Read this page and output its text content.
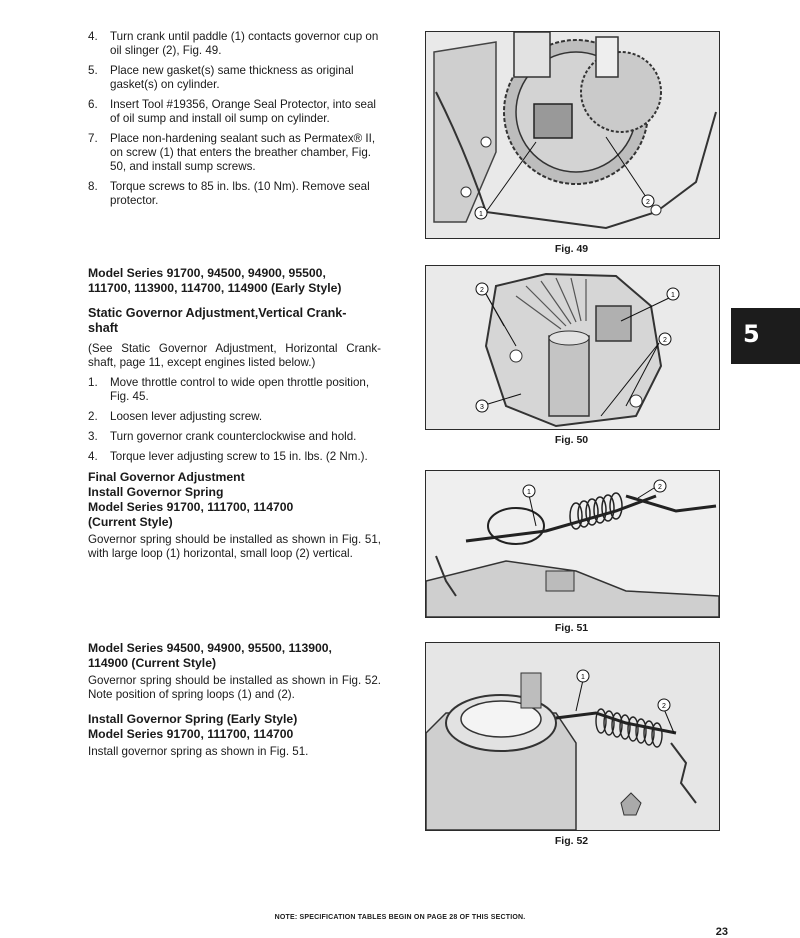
4. Turn crank until paddle (1) contacts governor cup on oil slinger (2), Fig. 49.
5. Place new gasket(s) same thickness as original gasket(s) on cylinder.
6. Insert Tool #19356, Orange Seal Protector, into seal of oil sump and install oil sump on cylinder.
7. Place non-hardening sealant such as Permatex® II, on screw (1) that enters the breather chamber, Fig. 50, and install sump screws.
8. Torque screws to 85 in. lbs. (10 Nm). Remove seal protector.

Model Series 91700, 94500, 94900, 95500,
111700, 113900, 114700, 114900 (Early Style)

Static Governor Adjustment,Vertical Crank-
shaft

(See Static Governor Adjustment, Horizontal Crank-shaft, page 11, except engines listed below.)

1. Move throttle control to wide open throttle position, Fig. 45.
2. Loosen lever adjusting screw.
3. Turn governor crank counterclockwise and hold.
4. Torque lever adjusting screw to 15 in. lbs. (2 Nm.).

Final Governor Adjustment
Install Governor Spring
Model Series 91700, 111700, 114700
(Current Style)

Governor spring should be installed as shown in Fig. 51, with large loop (1) horizontal, small loop (2) vertical.

Model Series 94500, 94900, 95500, 113900,
114900 (Current Style)

Governor spring should be installed as shown in Fig. 52. Note position of spring loops (1) and (2).

Install Governor Spring (Early Style)
Model Series 91700, 111700, 114700

Install governor spring as shown in Fig. 51.

1
2
Fig. 49
2
1
2
3
Fig. 50
1
2
Fig. 51
1
2
Fig. 52
5
NOTE: SPECIFICATION TABLES BEGIN ON PAGE 28 OF THIS SECTION.
23
